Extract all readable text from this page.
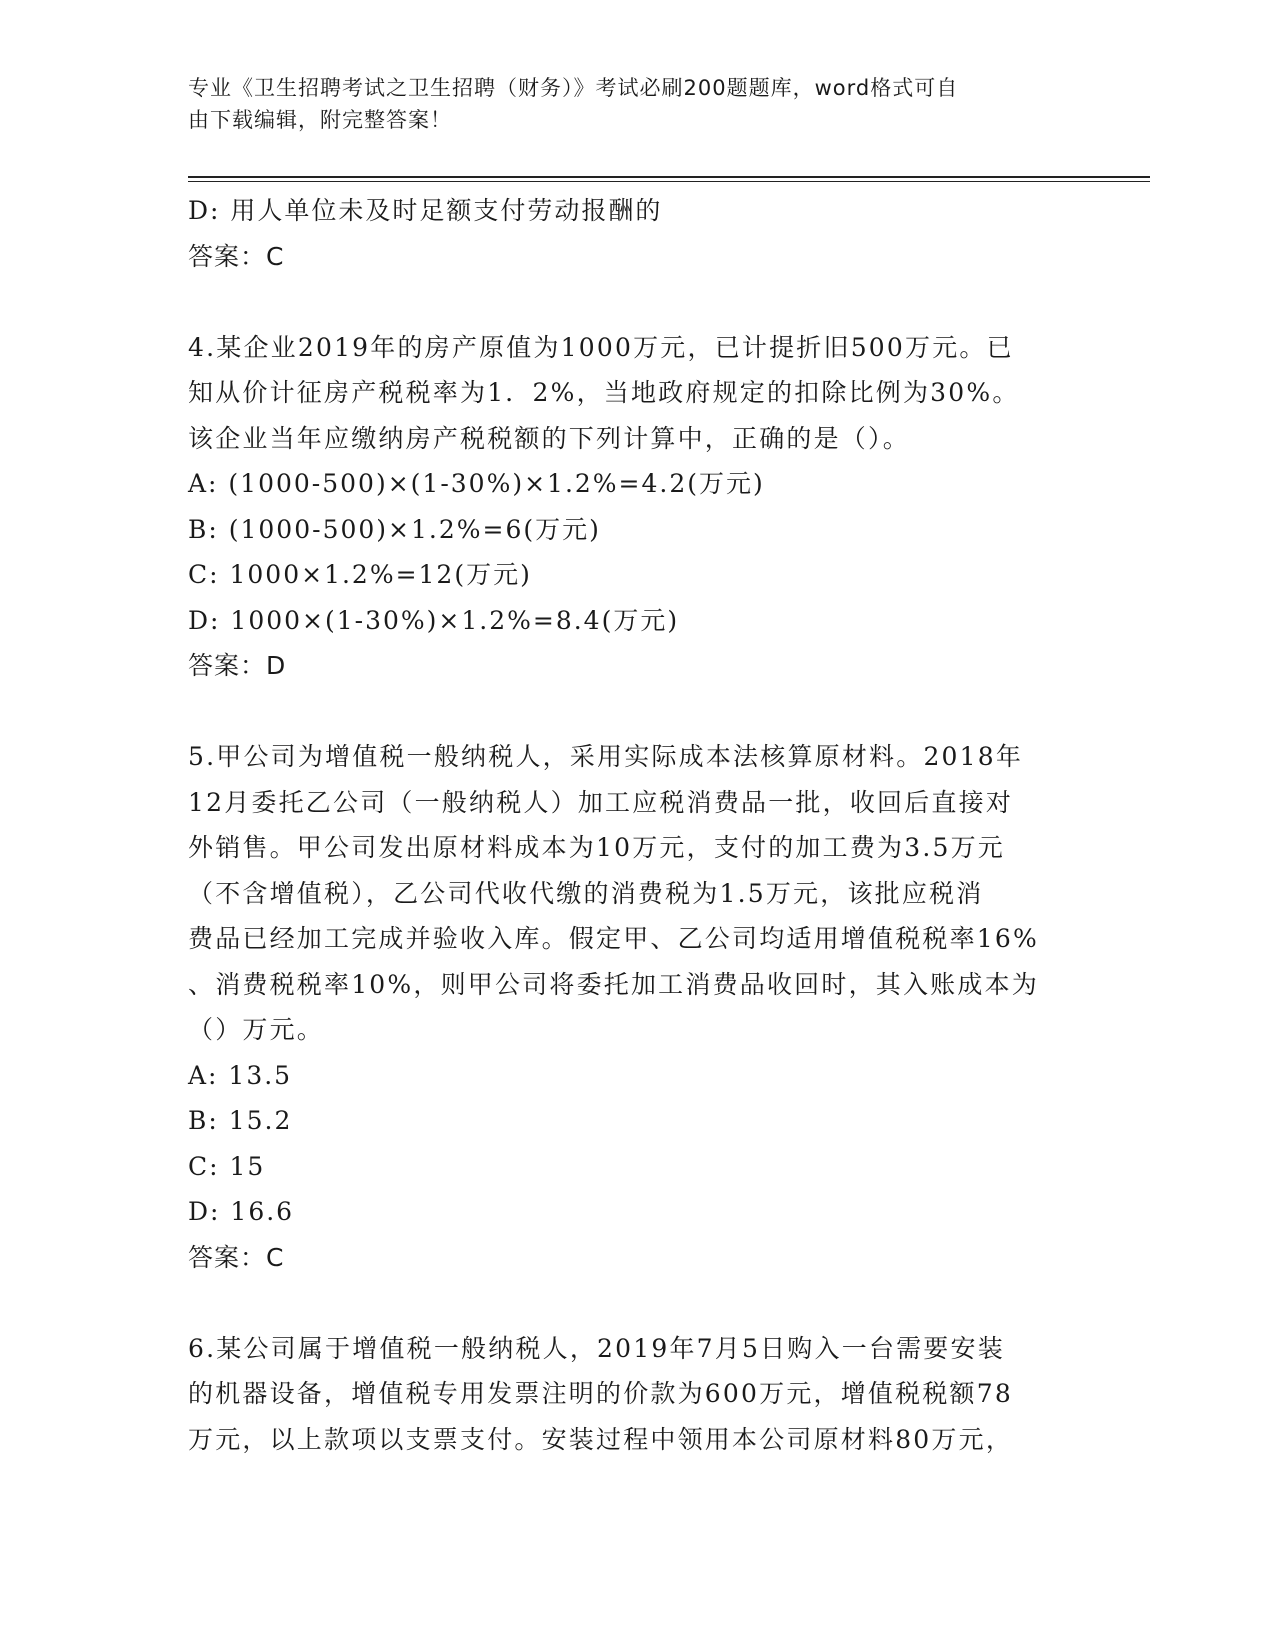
专业《卫生招聘考试之卫生招聘（财务）》考试必刷200题题库，word格式可自
由下载编辑，附完整答案！
D: 用人单位未及时足额支付劳动报酬的
答案：C
4.某企业2019年的房产原值为1000万元，已计提折旧500万元。已
知从价计征房产税税率为1．2%，当地政府规定的扣除比例为30%。
该企业当年应缴纳房产税税额的下列计算中，正确的是（）。
A: (1000-500)×(1-30%)×1.2%=4.2(万元)
B: (1000-500)×1.2%=6(万元)
C: 1000×1.2%=12(万元)
D: 1000×(1-30%)×1.2%=8.4(万元)
答案：D
5.甲公司为增值税一般纳税人，采用实际成本法核算原材料。2018年
12月委托乙公司（一般纳税人）加工应税消费品一批，收回后直接对
外销售。甲公司发出原材料成本为10万元，支付的加工费为3.5万元
（不含增值税），乙公司代收代缴的消费税为1.5万元，该批应税消
费品已经加工完成并验收入库。假定甲、乙公司均适用增值税税率16%
、消费税税率10%，则甲公司将委托加工消费品收回时，其入账成本为
（）万元。
A: 13.5
B: 15.2
C: 15
D: 16.6
答案：C
6.某公司属于增值税一般纳税人，2019年7月5日购入一台需要安装
的机器设备，增值税专用发票注明的价款为600万元，增值税税额78
万元，以上款项以支票支付。安装过程中领用本公司原材料80万元，
